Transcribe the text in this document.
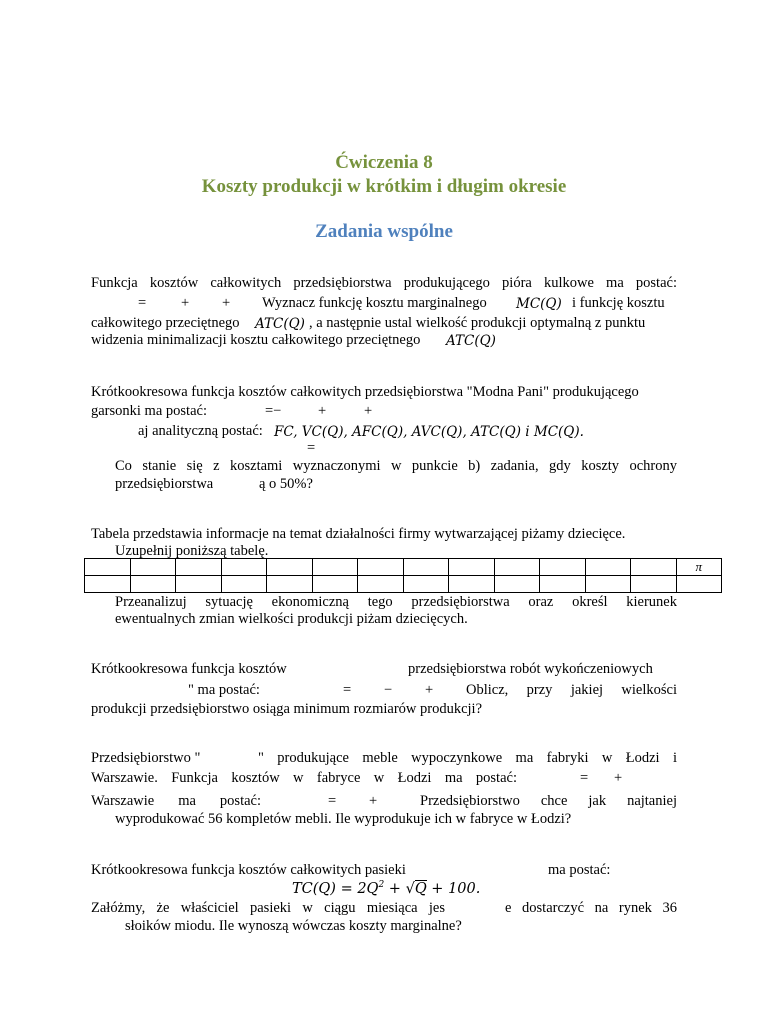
Ćwiczenia 8
Koszty produkcji w krótkim i długim okresie
Zadania wspólne
Funkcja kosztów całkowitych przedsiębiorstwa produkującego pióra kulkowe ma postać:
= + + Wyznacz funkcję kosztu marginalnego MC(Q) i funkcję kosztu
całkowitego przeciętnego ATC(Q) , a następnie ustal wielkość produkcji optymalną z punktu
widzenia minimalizacji kosztu całkowitego przeciętnego ATC(Q)
Krótkookresowa funkcja kosztów całkowitych przedsiębiorstwa "Modna Pani" produkującego
garsonki ma postać:	=−	+	+
aj analityczną postać: FC, VC(Q), AFC(Q), AVC(Q), ATC(Q) i MC(Q).
=
Co stanie się z kosztami wyznaczonymi w punkcie b) zadania, gdy koszty ochrony
przedsiębiorstwa	ą o 50%?
Tabela przedstawia informacje na temat działalności firmy wytwarzającej piżamy dziecięce.
Uzupełnij poniższą tabelę.
													π

Przeanalizuj sytuację ekonomiczną tego przedsiębiorstwa oraz określ kierunek
ewentualnych zmian wielkości produkcji piżam dziecięcych.
Krótkookresowa funkcja kosztów	przedsiębiorstwa robót wykończeniowych
" ma postać:	= − + Oblicz, przy jakiej wielkości
produkcji przedsiębiorstwo osiąga minimum rozmiarów produkcji?
Przedsiębiorstwo "	" produkujące meble wypoczynkowe ma fabryki w Łodzi i
Warszawie. Funkcja kosztów w fabryce w Łodzi ma postać:	= +
Warszawie ma postać:	= +	Przedsiębiorstwo chce jak najtaniej
wyprodukować 56 kompletów mebli. Ile wyprodukuje ich w fabryce w Łodzi?
Krótkookresowa funkcja kosztów całkowitych pasieki	ma postać:
$TC(Q) = 2Q^2 + √Q + 100$.
Załóżmy, że właściciel pasieki w ciągu miesiąca jes	e dostarczyć na rynek 36
słoików miodu. Ile wynoszą wówczas koszty marginalne?
